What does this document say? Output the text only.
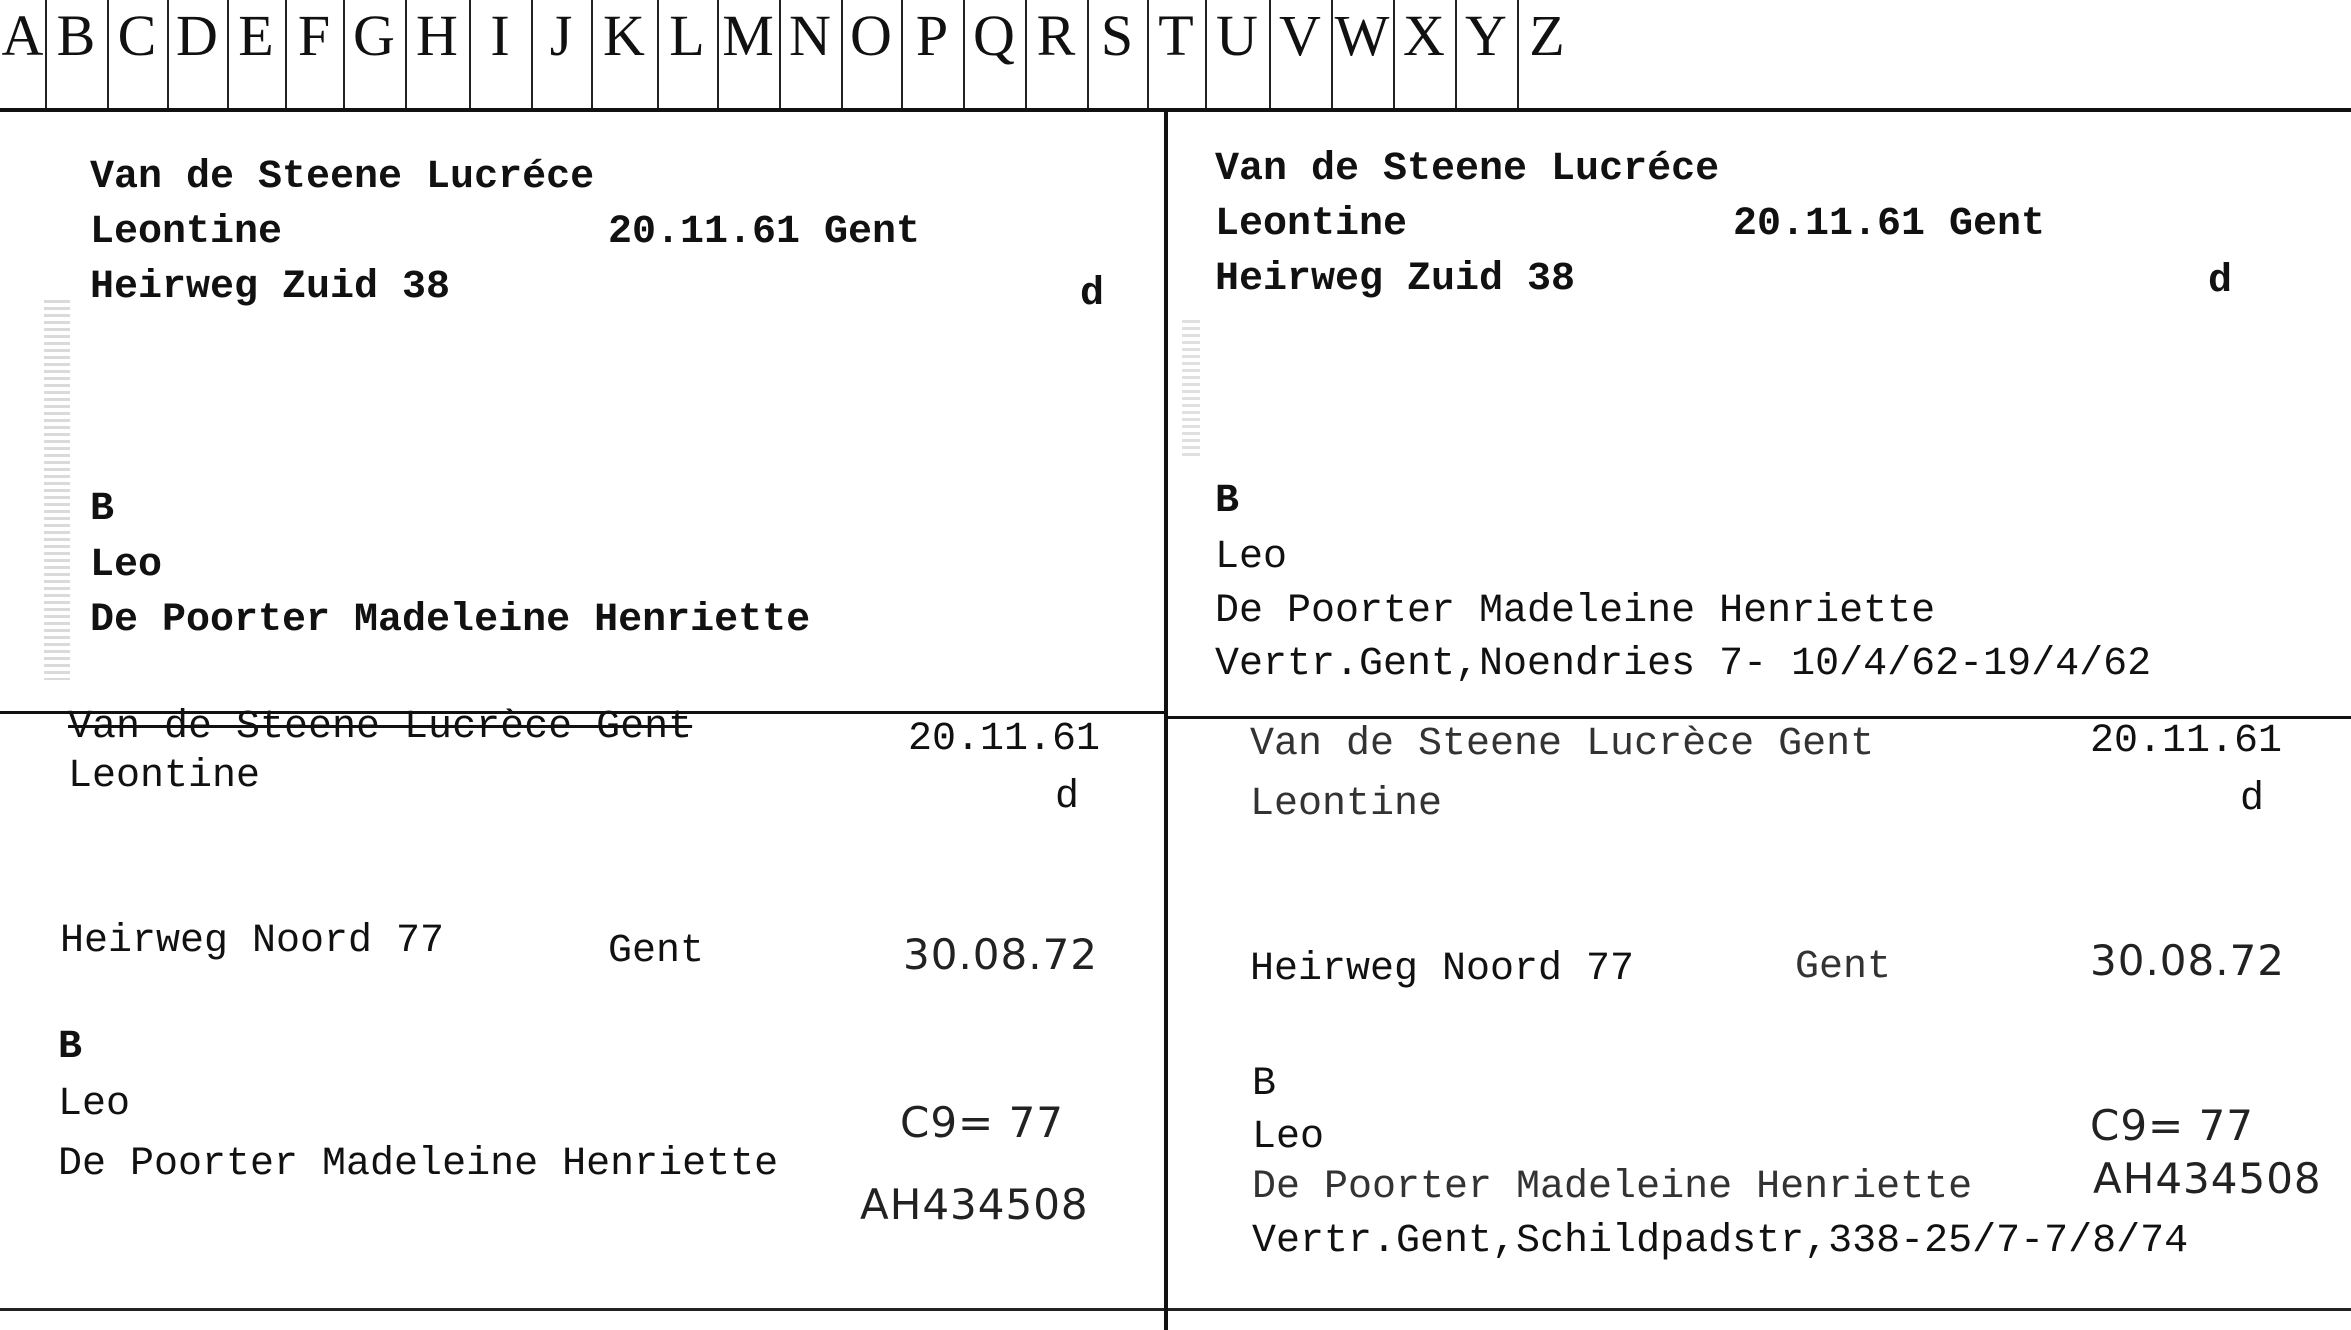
A B C D E F G H I J K L M N O P Q R S T U V W X Y Z
Van de Steene Lucréce
Leontine	20.11.61 Gent
Heirweg Zuid 38	d
B
Leo
De Poorter Madeleine Henriette
Van de Steene Lucréce
Leontine	20.11.61 Gent
Heirweg Zuid 38	d
B
Leo
De Poorter Madeleine Henriette
Vertr.Gent,Noendries 7- 10/4/62-19/4/62
Van de Steene Lucrèce Gent	20.11.61
Leontine	d
Heirweg Noord 77	Gent	30.08.72
B
Leo	C9= 77
De Poorter Madeleine Henriette
AH434508
Van de Steene Lucrèce Gent	20.11.61
Leontine	d
Heirweg Noord 77	Gent	30.08.72
B
Leo	C9= 77
De Poorter Madeleine Henriette	AH434508
Vertr.Gent,Schildpadstr,338-25/7-7/8/74
